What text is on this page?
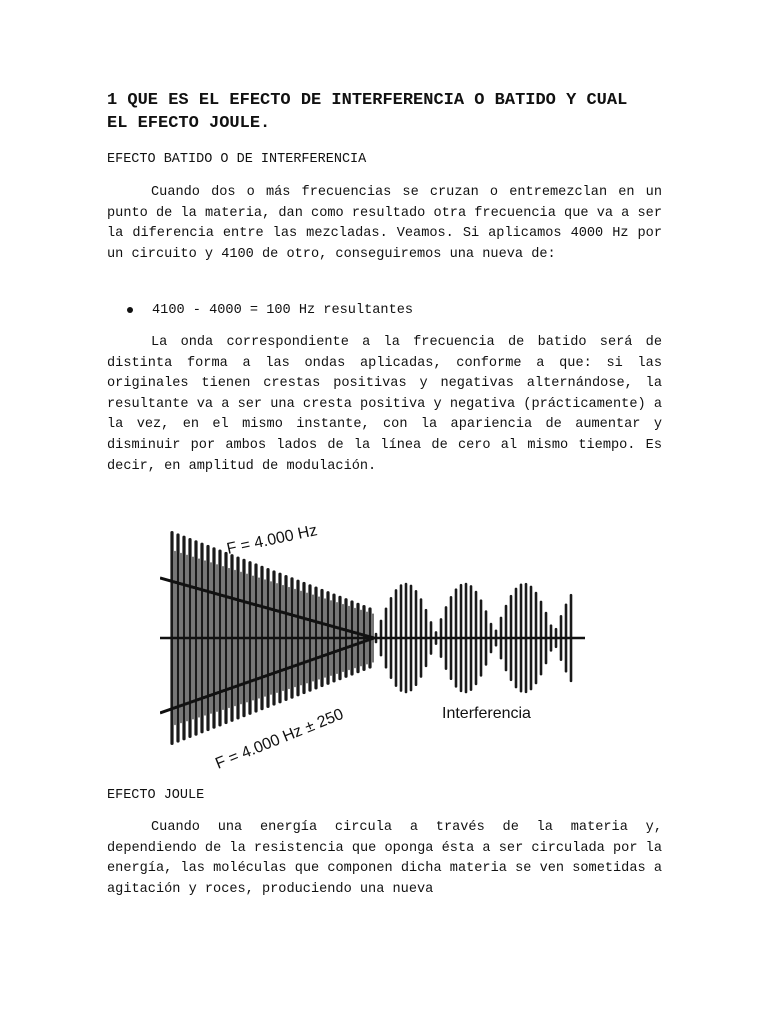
1 QUE ES EL EFECTO DE INTERFERENCIA O BATIDO Y CUAL
EL EFECTO JOULE.
EFECTO BATIDO O DE INTERFERENCIA

Cuando dos o más frecuencias se cruzan o entremezclan en un punto de la materia, dan como resultado otra frecuencia que va a ser la diferencia entre las mezcladas. Veamos. Si aplicamos 4000 Hz por un circuito y 4100 de otro, conseguiremos una nueva de:

4100 - 4000 = 100 Hz resultantes

La onda correspondiente a la frecuencia de batido será de distinta forma a las ondas aplicadas, conforme a que: si las originales tienen crestas positivas y negativas alternándose, la resultante va a ser una cresta positiva y negativa (prácticamente) a la vez, en el mismo instante, con la apariencia de aumentar y disminuir por ambos lados de la línea de cero al mismo tiempo. Es decir, en amplitud de modulación.

F = 4.000 Hz
F = 4.000 Hz ± 250	Interferencia
EFECTO JOULE

Cuando una energía circula a través de la materia y, dependiendo de la resistencia que oponga ésta a ser circulada por la energía, las moléculas que componen dicha materia se ven sometidas a agitación y roces, produciendo una nueva
